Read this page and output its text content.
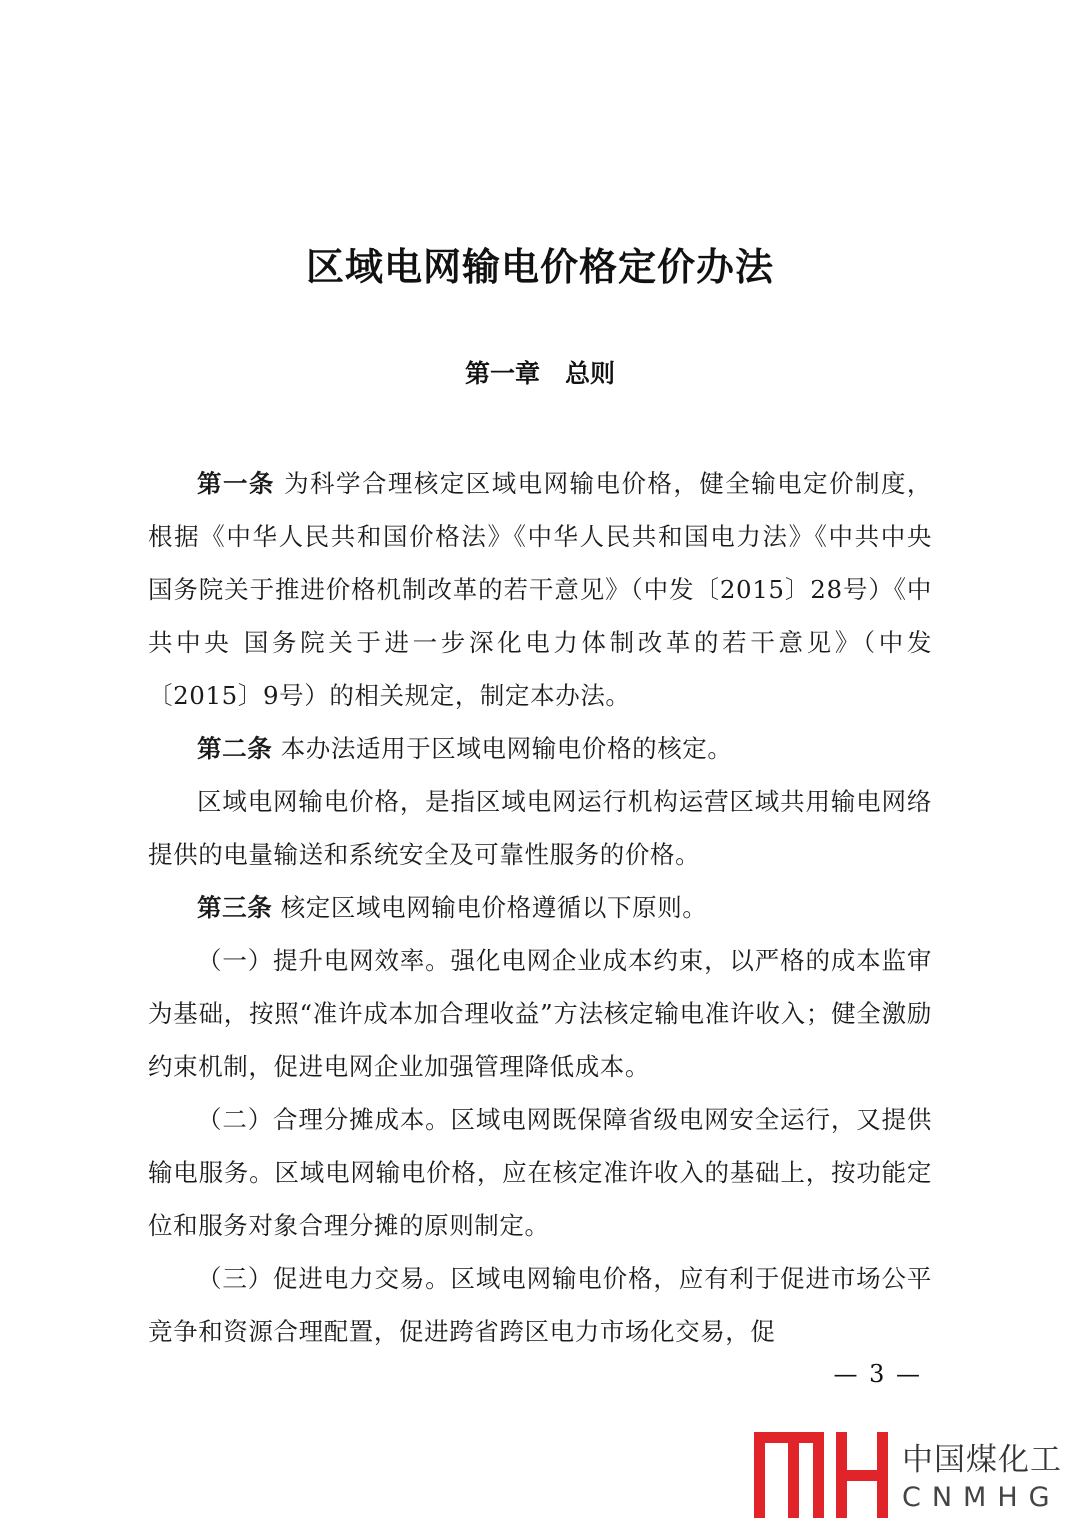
区域电网输电价格定价办法
第一章　总则

第一条 为科学合理核定区域电网输电价格，健全输电定价制度，根据《中华人民共和国价格法》《中华人民共和国电力法》《中共中央 国务院关于推进价格机制改革的若干意见》（中发〔2015〕28号）《中共中央 国务院关于进一步深化电力体制改革的若干意见》（中发〔2015〕9号）的相关规定，制定本办法。

第二条 本办法适用于区域电网输电价格的核定。

区域电网输电价格，是指区域电网运行机构运营区域共用输电网络提供的电量输送和系统安全及可靠性服务的价格。

第三条 核定区域电网输电价格遵循以下原则。

（一）提升电网效率。强化电网企业成本约束，以严格的成本监审为基础，按照“准许成本加合理收益”方法核定输电准许收入；健全激励约束机制，促进电网企业加强管理降低成本。

（二）合理分摊成本。区域电网既保障省级电网安全运行，又提供输电服务。区域电网输电价格，应在核定准许收入的基础上，按功能定位和服务对象合理分摊的原则制定。

（三）促进电力交易。区域电网输电价格，应有利于促进市场公平竞争和资源合理配置，促进跨省跨区电力市场化交易，促

— 3 —
中国煤化工
CNMHG
